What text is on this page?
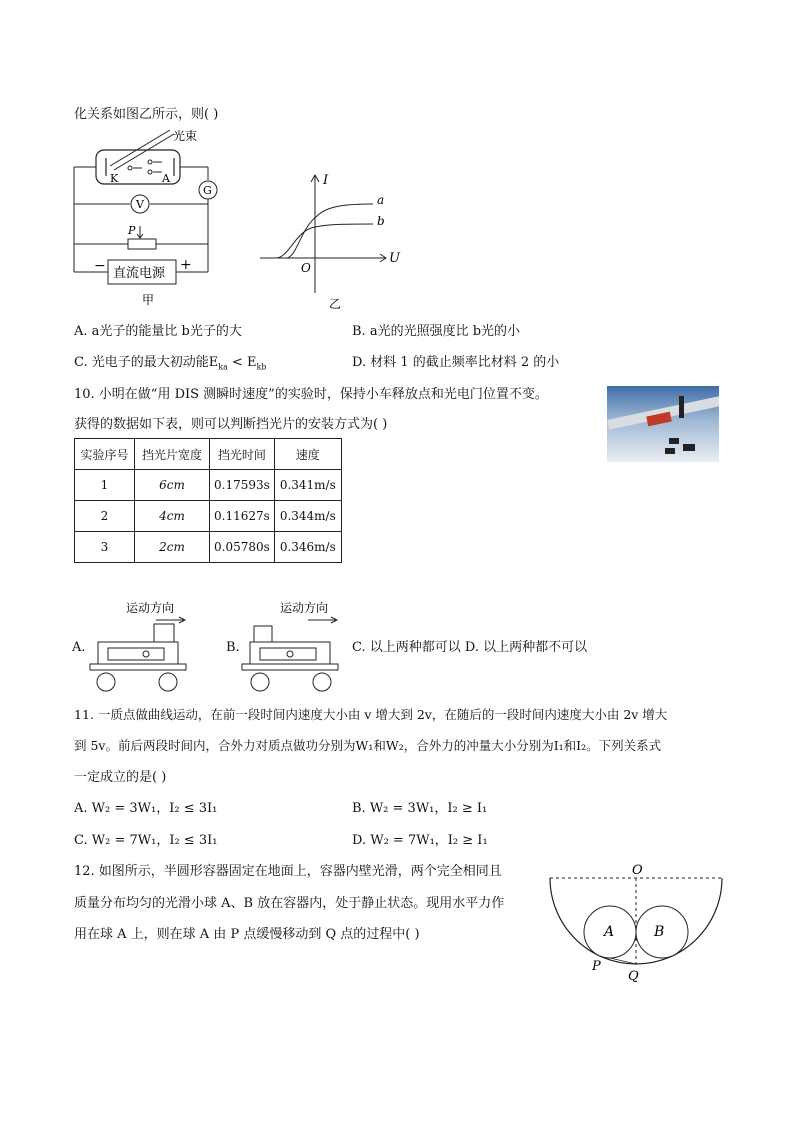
化关系如图乙所示，则( )
光束
K	A
G
V
P
− 直流电源
+
甲
I
U
O
a
b
乙
A. a光子的能量比 b光子的大	B. a光的光照强度比 b光的小
C. 光电子的最大初动能$E_{ka} < E_{kb}$	D. 材料 1 的截止频率比材料 2 的小
10. 小明在做“用 DIS 测瞬时速度”的实验时，保持小车释放点和光电门位置不变。
获得的数据如下表，则可以判断挡光片的安装方式为( )
实验序号	挡光片宽度	挡光时间	速度
1	6cm	0.17593s	0.341m/s
2	4cm	0.11627s	0.344m/s
3	2cm	0.05780s	0.346m/s
A.
运动方向
B.
运动方向
C. 以上两种都可以 D. 以上两种都不可以
11. 一质点做曲线运动，在前一段时间内速度大小由 v 增大到 2v，在随后的一段时间内速度大小由 2v 增大
到 5v。前后两段时间内，合外力对质点做功分别为W₁和W₂，合外力的冲量大小分别为I₁和I₂。下列关系式
一定成立的是( )
A. W₂ = 3W₁，I₂ ≤ 3I₁	B. W₂ = 3W₁，I₂ ≥ I₁
C. W₂ = 7W₁，I₂ ≤ 3I₁	D. W₂ = 7W₁，I₂ ≥ I₁
12. 如图所示，半圆形容器固定在地面上，容器内壁光滑，两个完全相同且
质量分布均匀的光滑小球 A、B 放在容器内，处于静止状态。现用水平力作
用在球 A 上，则在球 A 由 P 点缓慢移动到 Q 点的过程中( )
O
A	B
P
Q
